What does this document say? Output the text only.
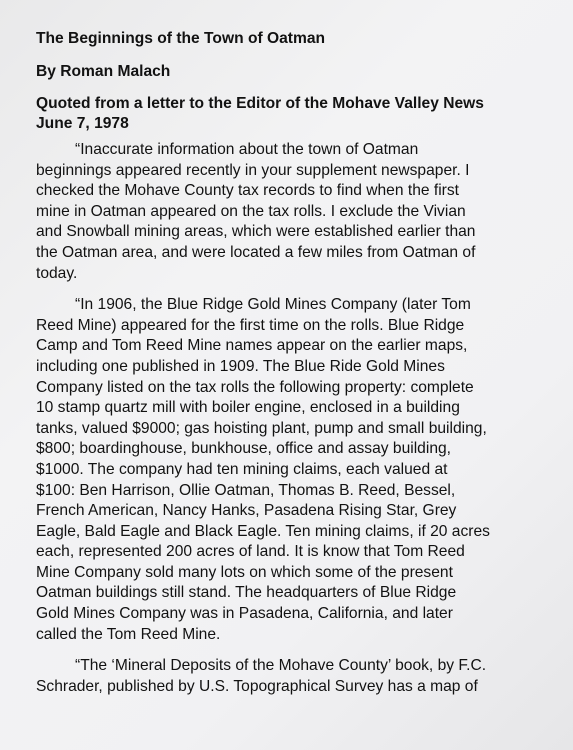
The Beginnings of the Town of Oatman
By Roman Malach
Quoted from a letter to the Editor of the Mohave Valley News
June 7, 1978
“Inaccurate information about the town of Oatman
beginnings appeared recently in your supplement newspaper. I
checked the Mohave County tax records to find when the first
mine in Oatman appeared on the tax rolls. I exclude the Vivian
and Snowball mining areas, which were established earlier than
the Oatman area, and were located a few miles from Oatman of
today.
“In 1906, the Blue Ridge Gold Mines Company (later Tom
Reed Mine) appeared for the first time on the rolls. Blue Ridge
Camp and Tom Reed Mine names appear on the earlier maps,
including one published in 1909. The Blue Ride Gold Mines
Company listed on the tax rolls the following property: complete
10 stamp quartz mill with boiler engine, enclosed in a building
tanks, valued $9000; gas hoisting plant, pump and small building,
$800; boardinghouse, bunkhouse, office and assay building,
$1000. The company had ten mining claims, each valued at
$100: Ben Harrison, Ollie Oatman, Thomas B. Reed, Bessel,
French American, Nancy Hanks, Pasadena Rising Star, Grey
Eagle, Bald Eagle and Black Eagle. Ten mining claims, if 20 acres
each, represented 200 acres of land. It is know that Tom Reed
Mine Company sold many lots on which some of the present
Oatman buildings still stand. The headquarters of Blue Ridge
Gold Mines Company was in Pasadena, California, and later
called the Tom Reed Mine.
“The ‘Mineral Deposits of the Mohave County’ book, by F.C.
Schrader, published by U.S. Topographical Survey has a map of
